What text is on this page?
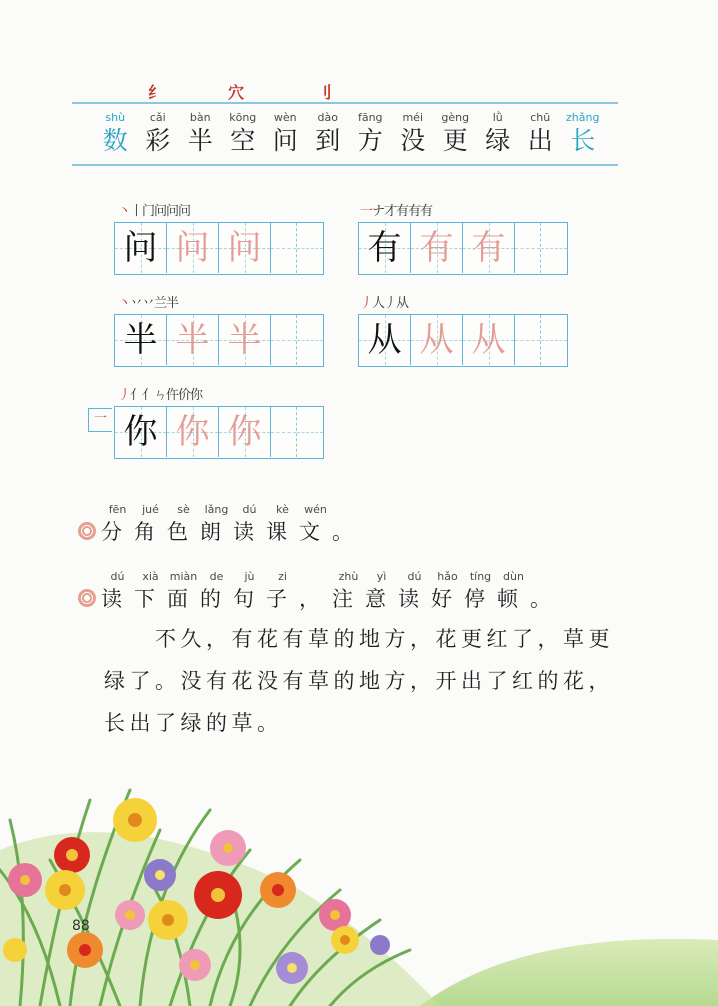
纟	穴	刂
shù
数
cǎi
彩
bàn
半
kōng
空
wèn
问
dào
到
fāng
方
méi
没
gèng
更
lǜ
绿
chū
出
zhǎng
长
丶丨门问问问
问 问 问
一ナ才有有有
有 有 有
丶丷丷兰半
半 半 半
丿人丿从
从 从 从
丿亻亻ㄣ仵价你
一 你 你 你
fēn	jué	sè	lǎng	dú	kè	wén
分角色朗读课文。
dú	xià	miàn	de	jù	zi	zhù	yì	dú	hǎo	tíng	dùn
读下面的句子，注意读好停顿。

　　不久，有花有草的地方，花更红了，草更

绿了。没有花没有草的地方，开出了红的花，

长出了绿的草。

88
